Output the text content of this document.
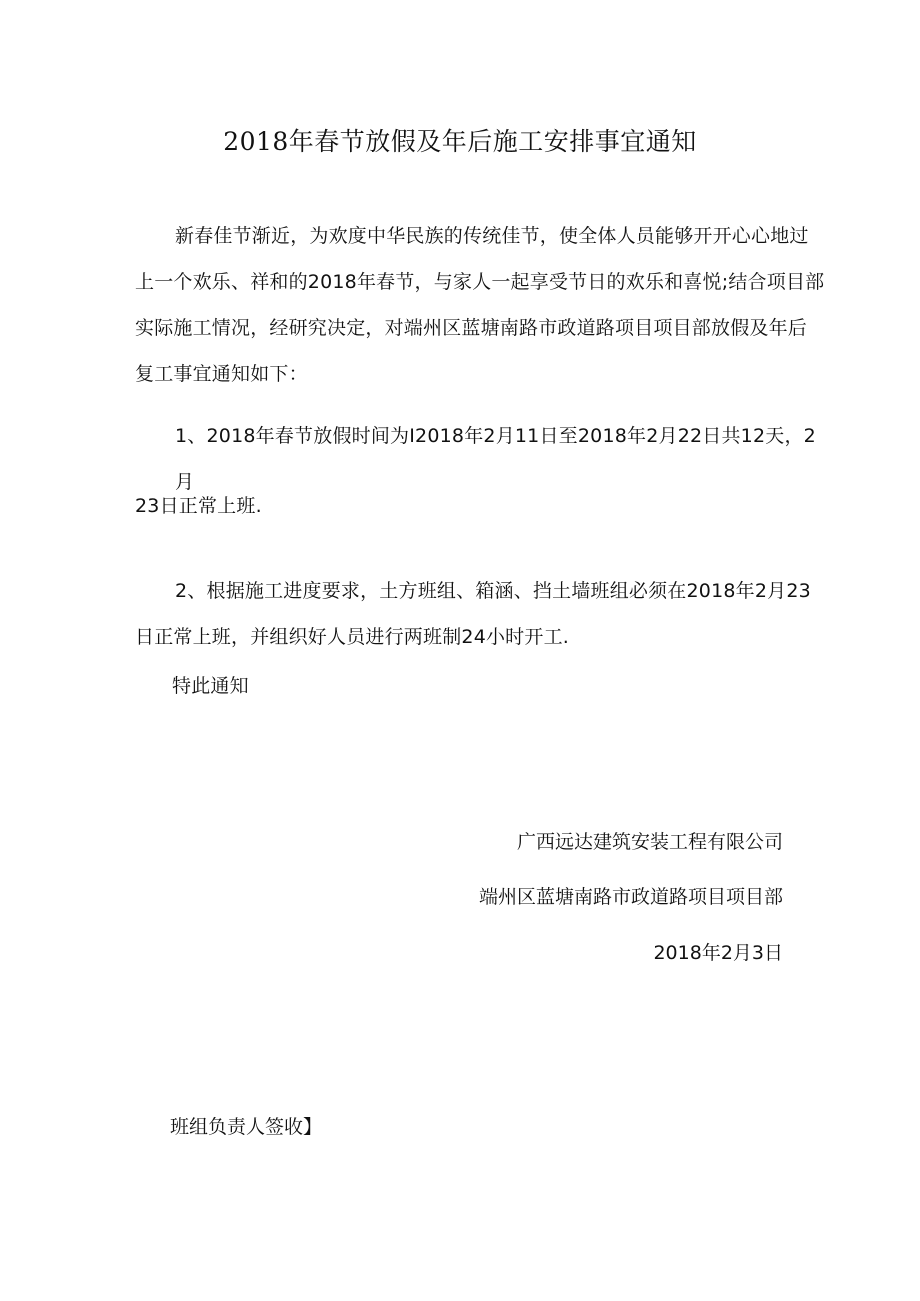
2018年春节放假及年后施工安排事宜通知

新春佳节渐近，为欢度中华民族的传统佳节，使全体人员能够开开心心地过上一个欢乐、祥和的2018年春节，与家人一起享受节日的欢乐和喜悦;结合项目部实际施工情况，经研究决定，对端州区蓝塘南路市政道路项目项目部放假及年后复工事宜通知如下：

1、2018年春节放假时间为I2018年2月11日至2018年2月22日共12天，2月

23日正常上班.

2、根据施工进度要求，土方班组、箱涵、挡土墙班组必须在2018年2月23日正常上班，并组织好人员进行两班制24小时开工.

特此通知

广西远达建筑安装工程有限公司

端州区蓝塘南路市政道路项目项目部

2018年2月3日

班组负责人签收】
